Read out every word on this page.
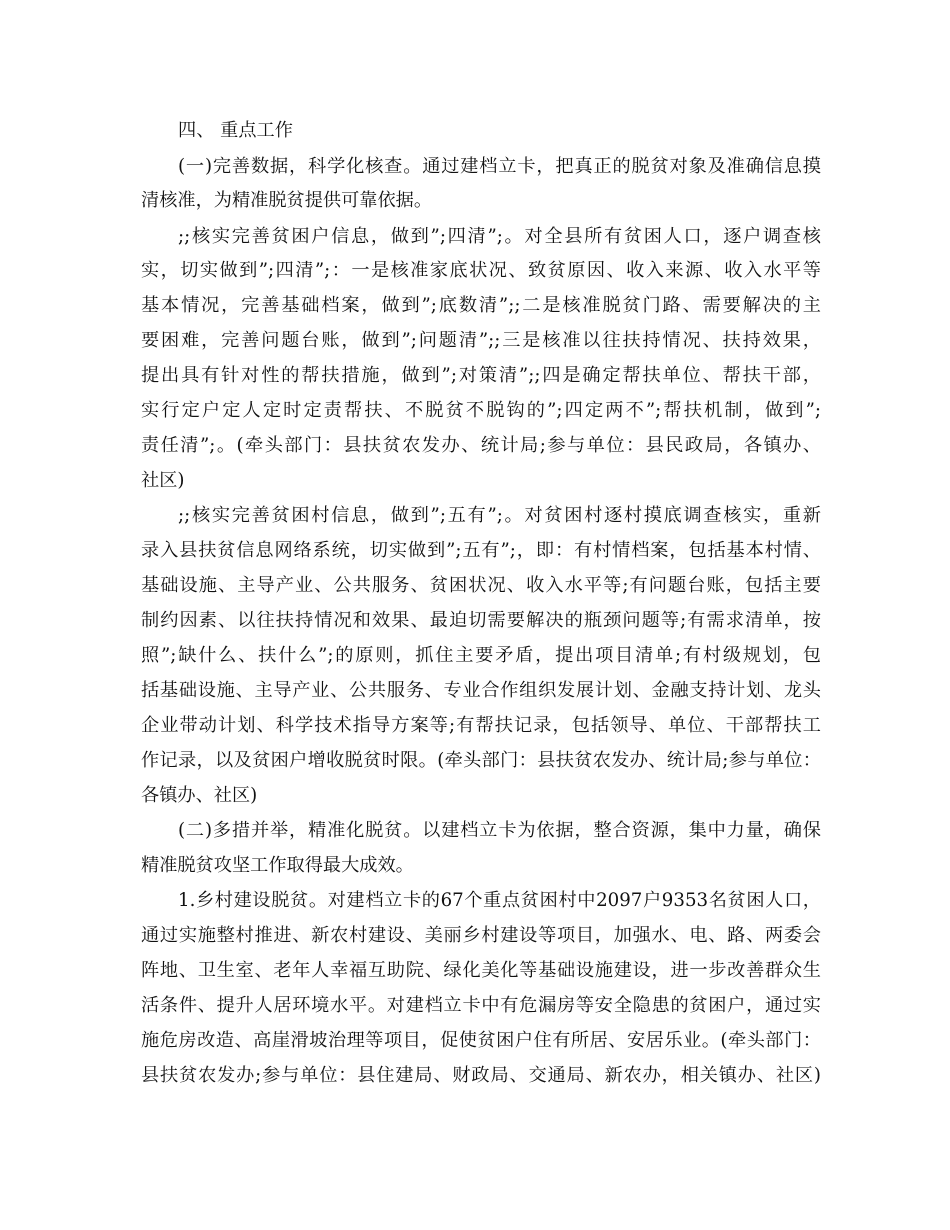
四、 重点工作
(一)完善数据，科学化核查。通过建档立卡，把真正的脱贫对象及准确信息摸
清核准，为精准脱贫提供可靠依据。
;;核实完善贫困户信息，做到”;四清”;。对全县所有贫困人口，逐户调查核
实，切实做到”;四清”;：一是核准家底状况、致贫原因、收入来源、收入水平等
基本情况，完善基础档案，做到”;底数清”;;二是核准脱贫门路、需要解决的主
要困难，完善问题台账，做到”;问题清”;;三是核准以往扶持情况、扶持效果，
提出具有针对性的帮扶措施，做到”;对策清”;;四是确定帮扶单位、帮扶干部，
实行定户定人定时定责帮扶、不脱贫不脱钩的”;四定两不”;帮扶机制，做到”;
责任清”;。(牵头部门：县扶贫农发办、统计局;参与单位：县民政局，各镇办、
社区)
;;核实完善贫困村信息，做到”;五有”;。对贫困村逐村摸底调查核实，重新
录入县扶贫信息网络系统，切实做到”;五有”;，即：有村情档案，包括基本村情、
基础设施、主导产业、公共服务、贫困状况、收入水平等;有问题台账，包括主要
制约因素、以往扶持情况和效果、最迫切需要解决的瓶颈问题等;有需求清单，按
照”;缺什么、扶什么”;的原则，抓住主要矛盾，提出项目清单;有村级规划，包
括基础设施、主导产业、公共服务、专业合作组织发展计划、金融支持计划、龙头
企业带动计划、科学技术指导方案等;有帮扶记录，包括领导、单位、干部帮扶工
作记录，以及贫困户增收脱贫时限。(牵头部门：县扶贫农发办、统计局;参与单位：
各镇办、社区)
(二)多措并举，精准化脱贫。以建档立卡为依据，整合资源，集中力量，确保
精准脱贫攻坚工作取得最大成效。
1.乡村建设脱贫。对建档立卡的67个重点贫困村中2097户9353名贫困人口，
通过实施整村推进、新农村建设、美丽乡村建设等项目，加强水、电、路、两委会
阵地、卫生室、老年人幸福互助院、绿化美化等基础设施建设，进一步改善群众生
活条件、提升人居环境水平。对建档立卡中有危漏房等安全隐患的贫困户，通过实
施危房改造、高崖滑坡治理等项目，促使贫困户住有所居、安居乐业。(牵头部门：
县扶贫农发办;参与单位：县住建局、财政局、交通局、新农办，相关镇办、社区)
